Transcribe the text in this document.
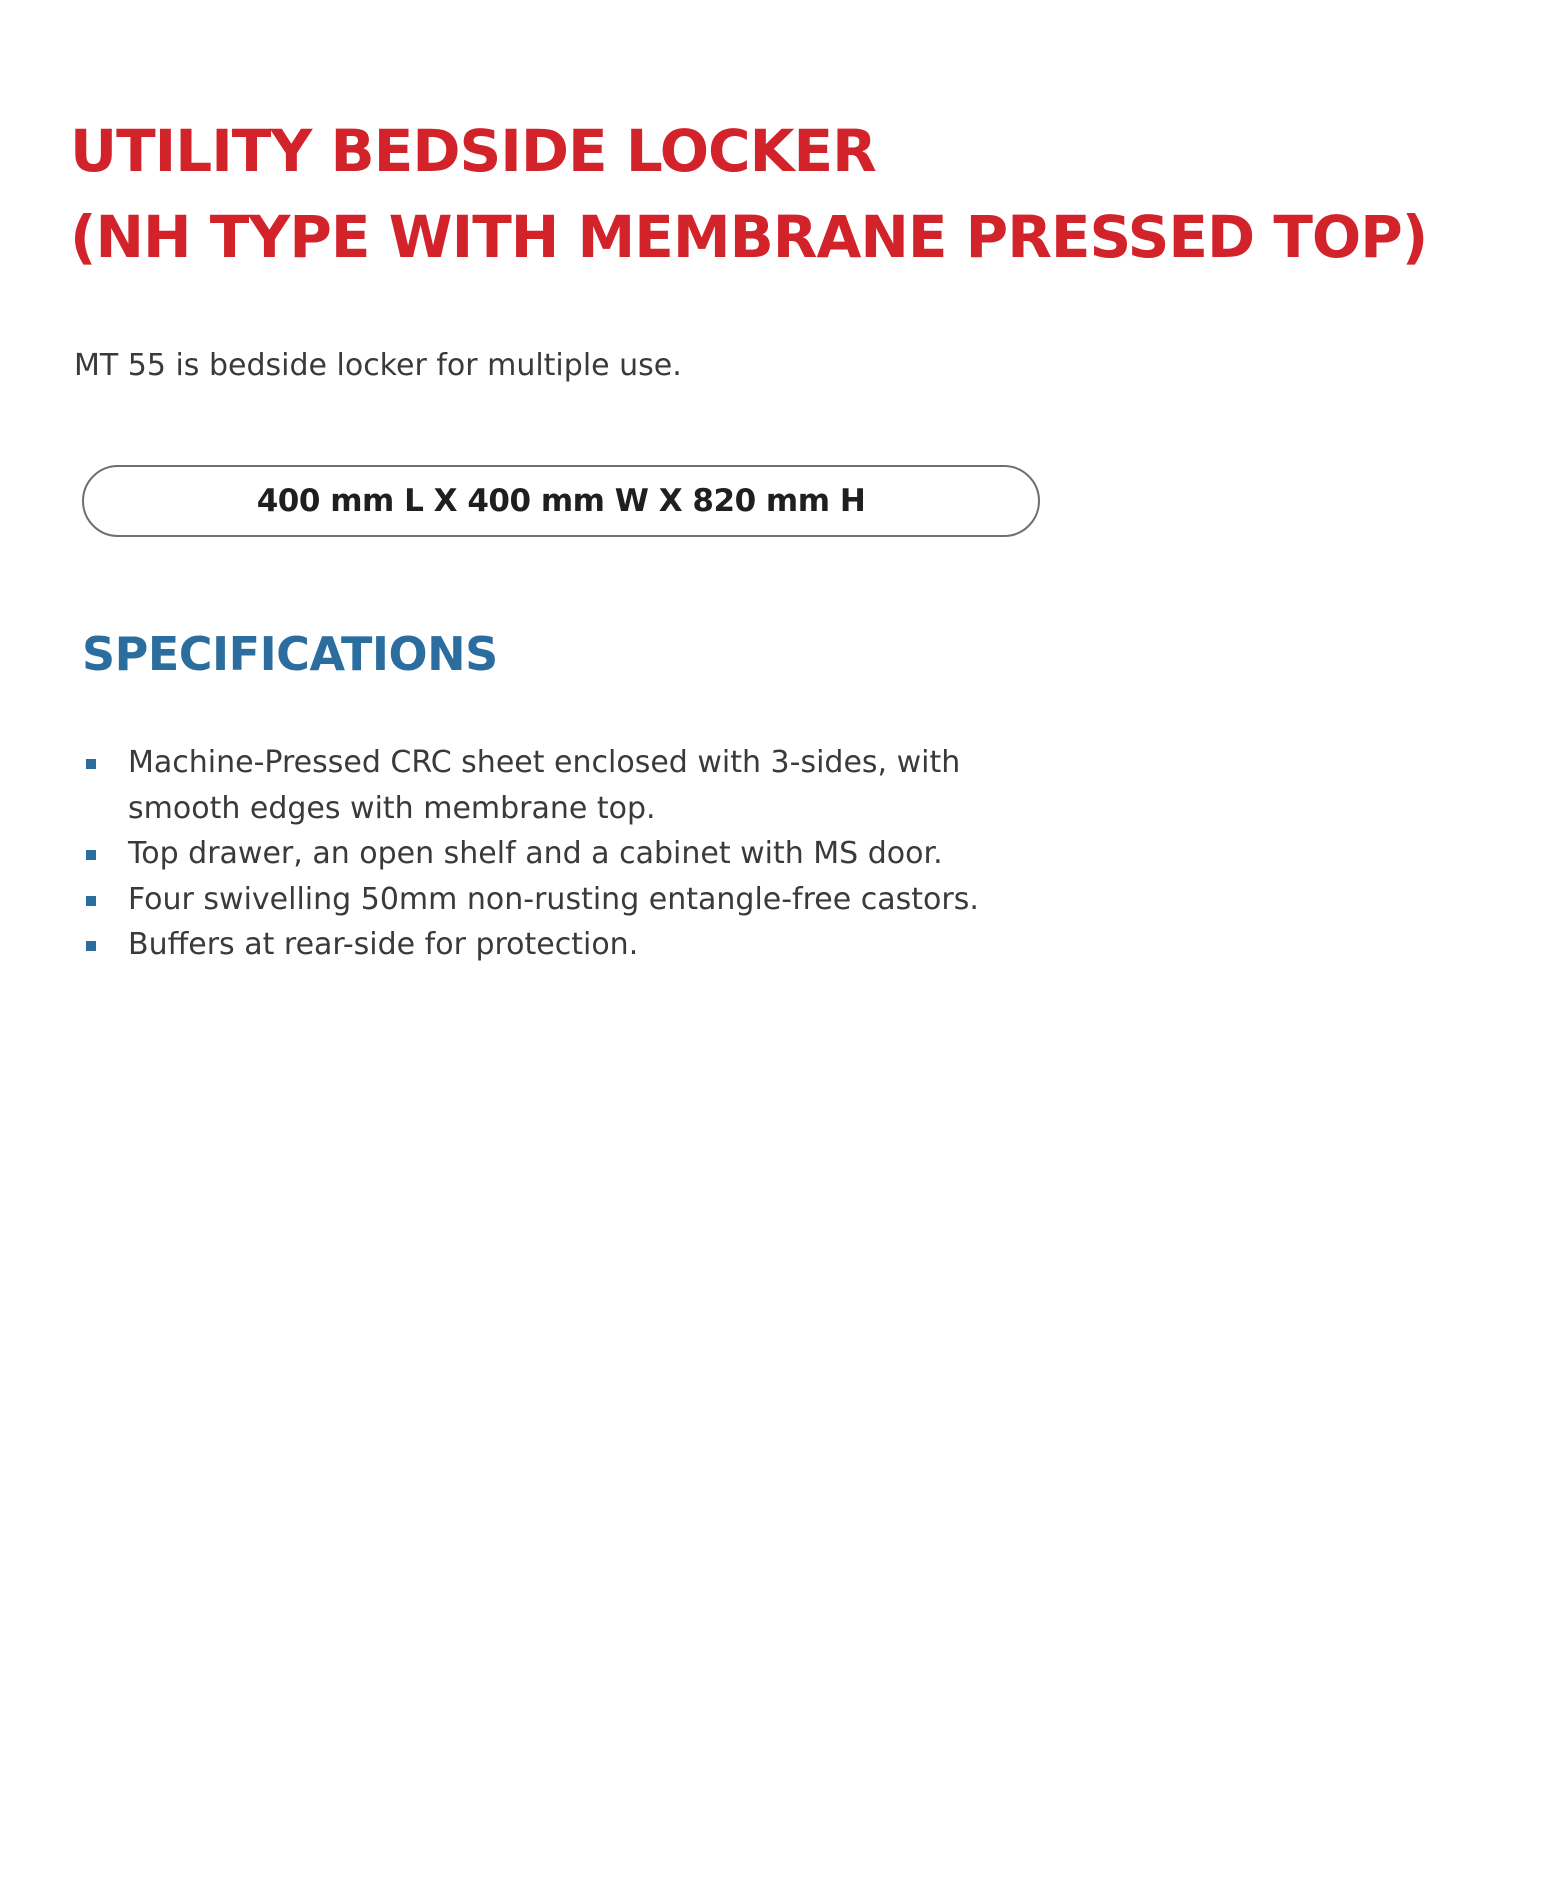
UTILITY BEDSIDE LOCKER
(NH TYPE WITH MEMBRANE PRESSED TOP)

MT 55 is bedside locker for multiple use.

400 mm L X 400 mm W X 820 mm H
SPECIFICATIONS
Machine-Pressed CRC sheet enclosed with 3-sides, with smooth edges with membrane top.
Top drawer, an open shelf and a cabinet with MS door.
Four swivelling 50mm non-rusting entangle-free castors.
Buffers at rear-side for protection.
